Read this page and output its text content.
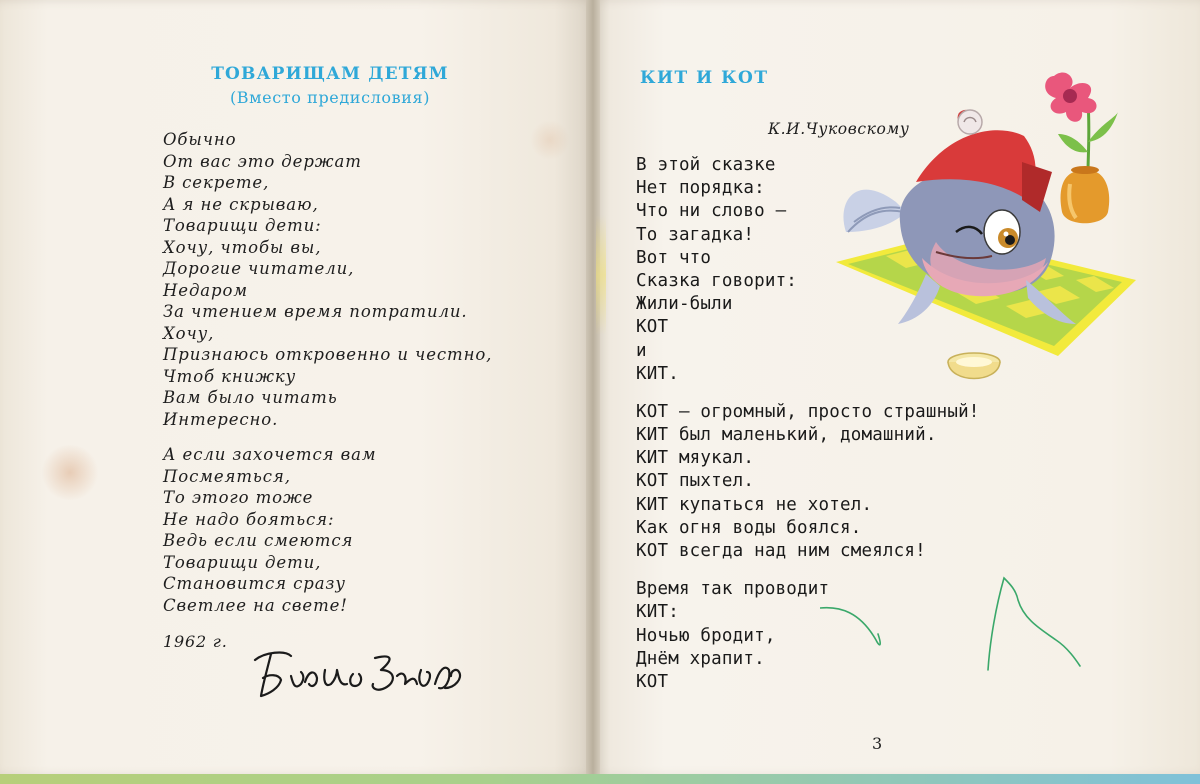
ТОВАРИЩАМ ДЕТЯМ
(Вместо предисловия)
Обычно
От вас это держат
В секрете,
А я не скрываю,
Товарищи дети:
Хочу, чтобы вы,
Дорогие читатели,
Недаром
За чтением время потратили.
Хочу,
Признаюсь откровенно и честно,
Чтоб книжку
Вам было читать
Интересно.
А если захочется вам
Посмеяться,
То этого тоже
Не надо бояться:
Ведь если смеются
Товарищи дети,
Становится сразу
Светлее на свете!
1962 г.
КИТ И КОТ
К.И.Чуковскому
В этой сказке
Нет порядка:
Что ни слово —
То загадка!
Вот что
Сказка говорит:
Жили-были
КОТ
и
КИТ.
КОТ — огромный, просто страшный!
КИТ был маленький, домашний.
КИТ мяукал.
КОТ пыхтел.
КИТ купаться не хотел.
Как огня воды боялся.
КОТ всегда над ним смеялся!
Время так проводит
КИТ:
Ночью бродит,
Днём храпит.
КОТ
3
